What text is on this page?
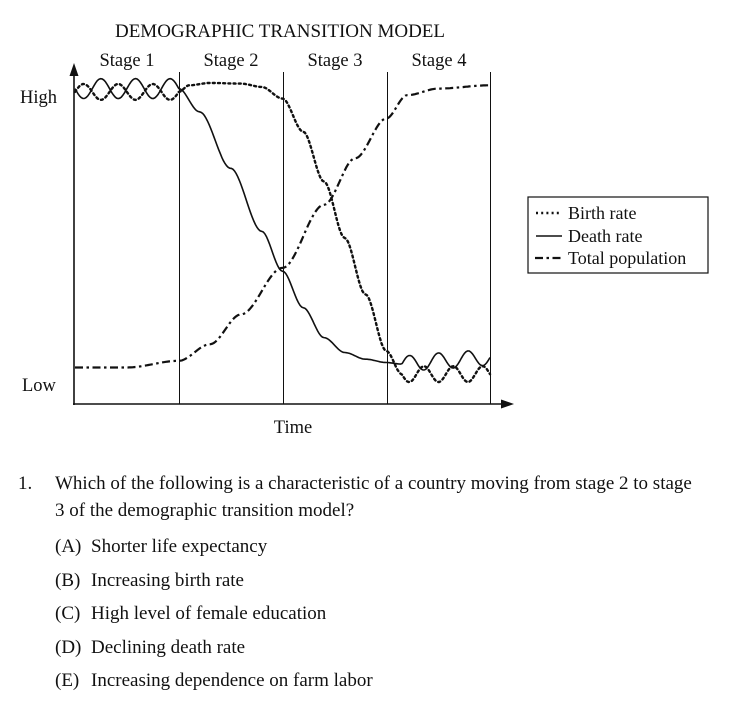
DEMOGRAPHIC TRANSITION MODEL
Stage 1	Stage 2	Stage 3	Stage 4
High
Low
Time
Birth rate
Death rate
Total population
1. Which of the following is a characteristic of a country moving from stage 2 to stage 3 of the demographic transition model?
(A) Shorter life expectancy
(B) Increasing birth rate
(C) High level of female education
(D) Declining death rate
(E) Increasing dependence on farm labor
